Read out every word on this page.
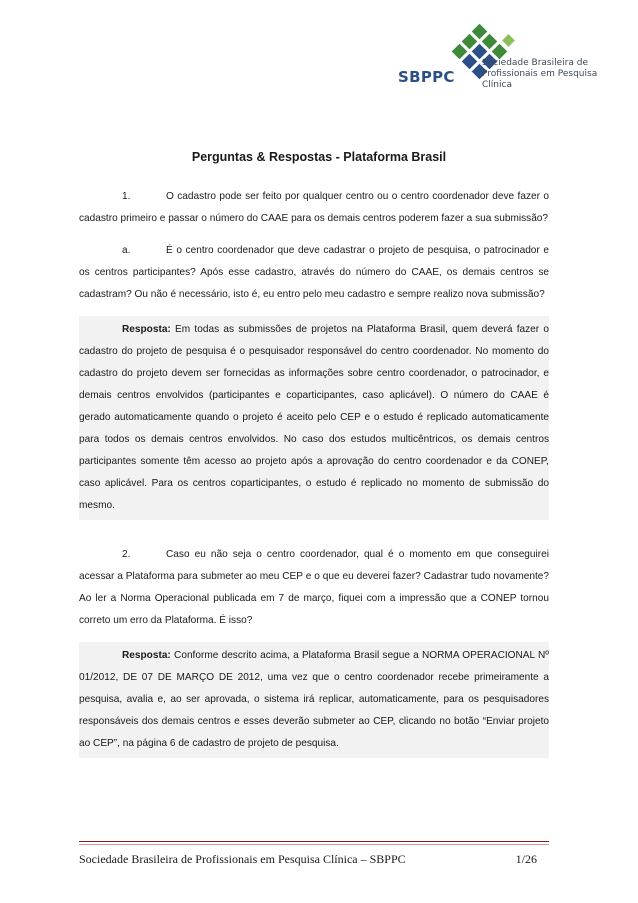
SBPPC
Sociedade Brasileira de
Profissionais em Pesquisa Clínica
Perguntas & Respostas - Plataforma Brasil

1.	O cadastro pode ser feito por qualquer centro ou o centro coordenador deve fazer o cadastro primeiro e passar o número do CAAE para os demais centros poderem fazer a sua submissão?

a.	É o centro coordenador que deve cadastrar o projeto de pesquisa, o patrocinador e os centros participantes? Após esse cadastro, através do número do CAAE, os demais centros se cadastram? Ou não é necessário, isto é, eu entro pelo meu cadastro e sempre realizo nova submissão?

Resposta: Em todas as submissões de projetos na Plataforma Brasil, quem deverá fazer o cadastro do projeto de pesquisa é o pesquisador responsável do centro coordenador. No momento do cadastro do projeto devem ser fornecidas as informações sobre centro coordenador, o patrocinador, e demais centros envolvidos (participantes e coparticipantes, caso aplicável). O número do CAAE é gerado automaticamente quando o projeto é aceito pelo CEP e o estudo é replicado automaticamente para todos os demais centros envolvidos. No caso dos estudos multicêntricos, os demais centros participantes somente têm acesso ao projeto após a aprovação do centro coordenador e da CONEP, caso aplicável. Para os centros coparticipantes, o estudo é replicado no momento de submissão do mesmo.

2.	Caso eu não seja o centro coordenador, qual é o momento em que conseguirei acessar a Plataforma para submeter ao meu CEP e o que eu deverei fazer? Cadastrar tudo novamente? Ao ler a Norma Operacional publicada em 7 de março, fiquei com a impressão que a CONEP tornou correto um erro da Plataforma. É isso?

Resposta: Conforme descrito acima, a Plataforma Brasil segue a NORMA OPERACIONAL Nº 01/2012, DE 07 DE MARÇO DE 2012, uma vez que o centro coordenador recebe primeiramente a pesquisa, avalia e, ao ser aprovada, o sistema irá replicar, automaticamente, para os pesquisadores responsáveis dos demais centros e esses deverão submeter ao CEP, clicando no botão “Enviar projeto ao CEP”, na página 6 de cadastro de projeto de pesquisa.

Sociedade Brasileira de Profissionais em Pesquisa Clínica – SBPPC	1/26
